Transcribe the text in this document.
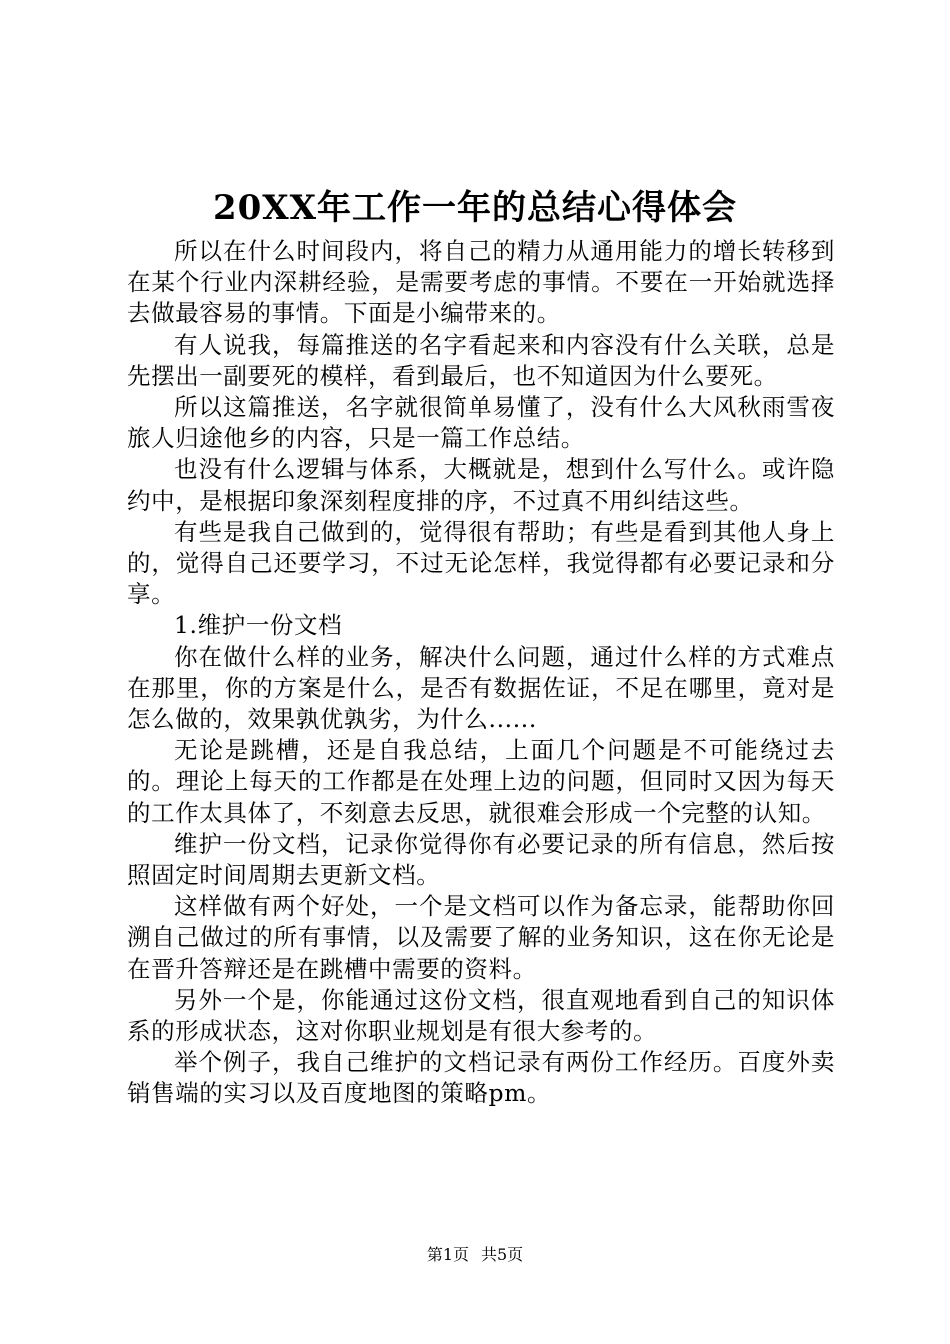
20XX年工作一年的总结心得体会

所以在什么时间段内，将自己的精力从通用能力的增长转移到在某个行业内深耕经验，是需要考虑的事情。不要在一开始就选择去做最容易的事情。下面是小编带来的。

有人说我，每篇推送的名字看起来和内容没有什么关联，总是先摆出一副要死的模样，看到最后，也不知道因为什么要死。

所以这篇推送，名字就很简单易懂了，没有什么大风秋雨雪夜旅人归途他乡的内容，只是一篇工作总结。

也没有什么逻辑与体系，大概就是，想到什么写什么。或许隐约中，是根据印象深刻程度排的序，不过真不用纠结这些。

有些是我自己做到的，觉得很有帮助；有些是看到其他人身上的，觉得自己还要学习，不过无论怎样，我觉得都有必要记录和分享。

1.维护一份文档

你在做什么样的业务，解决什么问题，通过什么样的方式难点在那里，你的方案是什么，是否有数据佐证，不足在哪里，竟对是怎么做的，效果孰优孰劣，为什么......

无论是跳槽，还是自我总结，上面几个问题是不可能绕过去的。理论上每天的工作都是在处理上边的问题，但同时又因为每天的工作太具体了，不刻意去反思，就很难会形成一个完整的认知。

维护一份文档，记录你觉得你有必要记录的所有信息，然后按照固定时间周期去更新文档。

这样做有两个好处，一个是文档可以作为备忘录，能帮助你回溯自己做过的所有事情，以及需要了解的业务知识，这在你无论是在晋升答辩还是在跳槽中需要的资料。

另外一个是，你能通过这份文档，很直观地看到自己的知识体系的形成状态，这对你职业规划是有很大参考的。

举个例子，我自己维护的文档记录有两份工作经历。百度外卖销售端的实习以及百度地图的策略pm。

第1页 共5页
